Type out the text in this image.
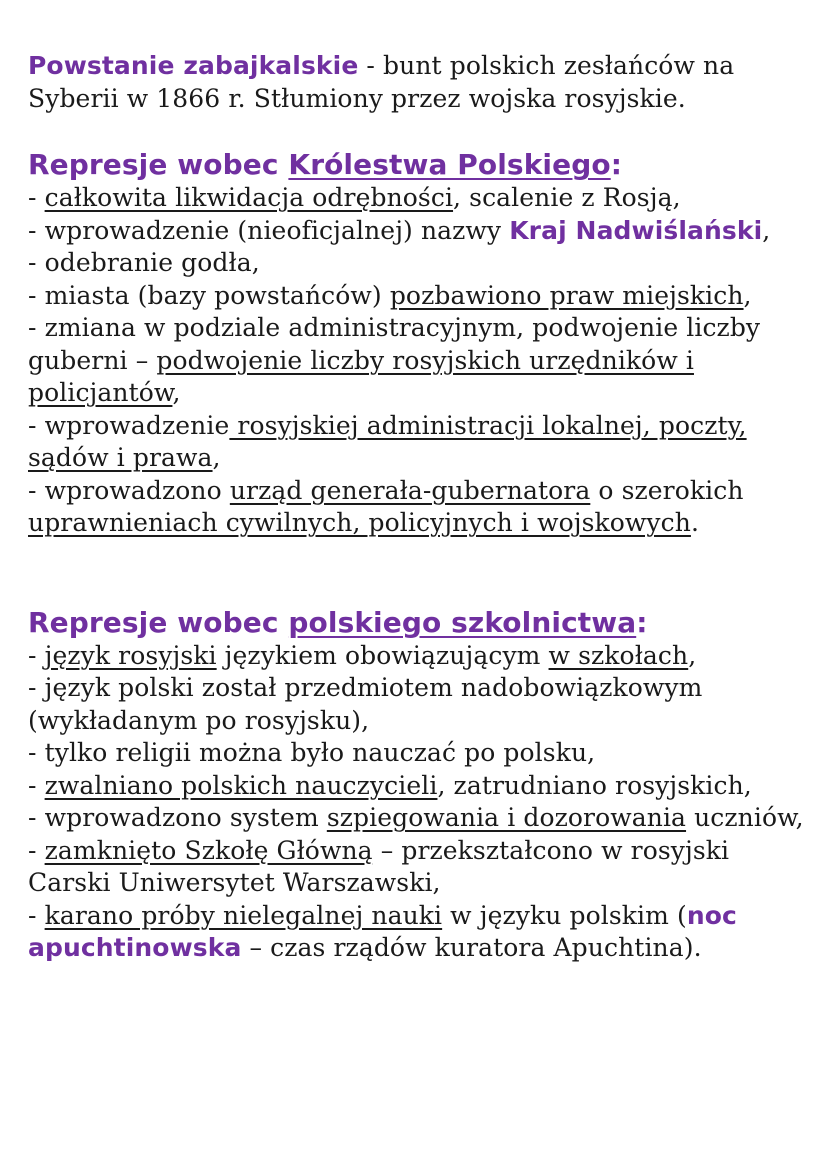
Powstanie zabajkalskie - bunt polskich zesłańców na Syberii w 1866 r. Stłumiony przez wojska rosyjskie.

Represje wobec Królestwa Polskiego:

- całkowita likwidacja odrębności, scalenie z Rosją,

- wprowadzenie (nieoficjalnej) nazwy Kraj Nadwiślański,

- odebranie godła,

- miasta (bazy powstańców) pozbawiono praw miejskich,

- zmiana w podziale administracyjnym, podwojenie liczby guberni – podwojenie liczby rosyjskich urzędników i policjantów,

- wprowadzenie rosyjskiej administracji lokalnej, poczty, sądów i prawa,

- wprowadzono urząd generała-gubernatora o szerokich uprawnieniach cywilnych, policyjnych i wojskowych.

Represje wobec polskiego szkolnictwa:

- język rosyjski językiem obowiązującym w szkołach,

- język polski został przedmiotem nadobowiązkowym (wykładanym po rosyjsku),

- tylko religii można było nauczać po polsku,

- zwalniano polskich nauczycieli, zatrudniano rosyjskich,

- wprowadzono system szpiegowania i dozorowania uczniów,

- zamknięto Szkołę Główną – przekształcono w rosyjski Carski Uniwersytet Warszawski,

- karano próby nielegalnej nauki w języku polskim (noc apuchtinowska – czas rządów kuratora Apuchtina).
